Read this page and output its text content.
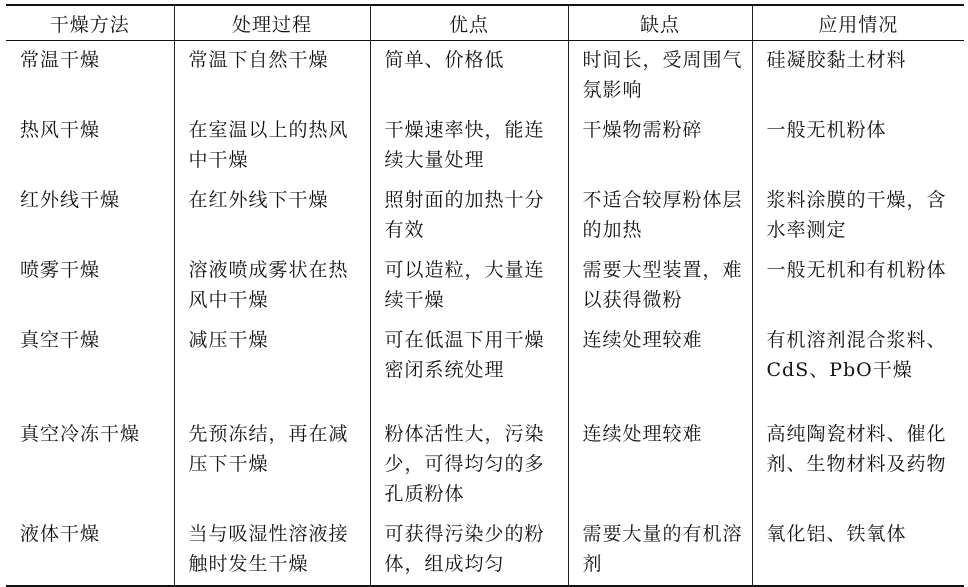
干燥方法	处理过程	优点	缺点	应用情况
常温干燥	常温下自然干燥	简单、价格低	时间长，受周围气氛影响	硅凝胶黏土材料
热风干燥	在室温以上的热风中干燥	干燥速率快，能连续大量处理	干燥物需粉碎	一般无机粉体
红外线干燥	在红外线下干燥	照射面的加热十分有效	不适合较厚粉体层的加热	浆料涂膜的干燥，含水率测定
喷雾干燥	溶液喷成雾状在热风中干燥	可以造粒，大量连续干燥	需要大型装置，难以获得微粉	一般无机和有机粉体
真空干燥	减压干燥	可在低温下用干燥密闭系统处理	连续处理较难	有机溶剂混合浆料、CdS、PbO干燥
真空冷冻干燥	先预冻结，再在减压下干燥	粉体活性大，污染少，可得均匀的多孔质粉体	连续处理较难	高纯陶瓷材料、催化剂、生物材料及药物
液体干燥	当与吸湿性溶液接触时发生干燥	可获得污染少的粉体，组成均匀	需要大量的有机溶剂	氧化铝、铁氧体
